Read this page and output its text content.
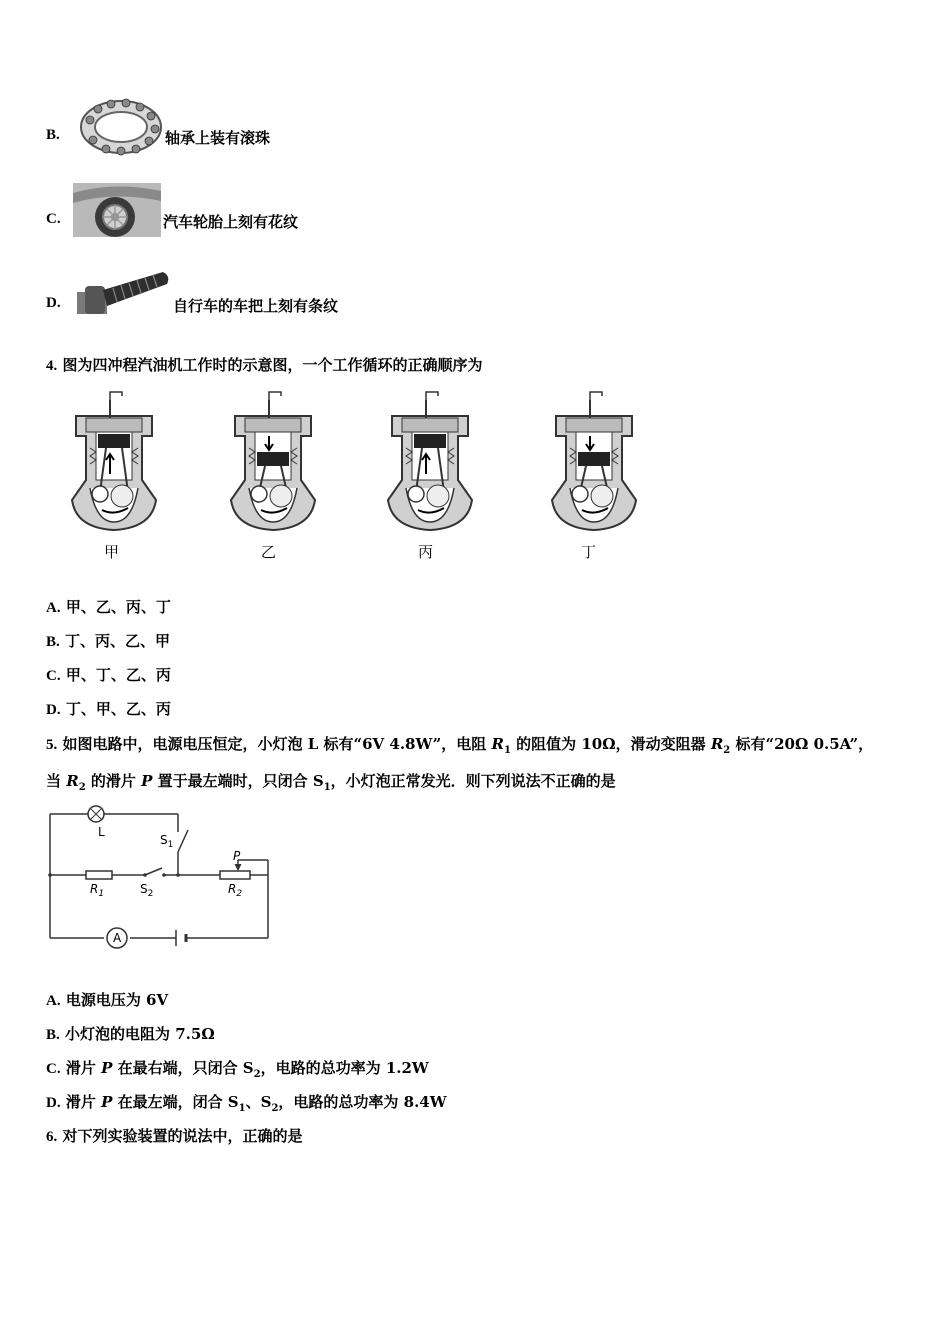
B.	轴承上装有滚珠
C.	汽车轮胎上刻有花纹
D.	自行车的车把上刻有条纹
4. 图为四冲程汽油机工作时的示意图，一个工作循环的正确顺序为
甲	乙	丙	丁
A. 甲、乙、丙、丁
B. 丁、丙、乙、甲
C. 甲、丁、乙、丙
D. 丁、甲、乙、丙
5. 如图电路中，电源电压恒定，小灯泡 L 标有“6V 4.8W”，电阻 $R_1$ 的阻值为 10Ω，滑动变阻器 $R_2$ 标有“20Ω 0.5A”，
当 $R_2$ 的滑片 P 置于最左端时，只闭合 $S_1$，小灯泡正常发光．则下列说法不正确的是
L
$S_1$
$R_1$	$S_2$	$R_2$
P
A
A. 电源电压为 6V
B. 小灯泡的电阻为 7.5Ω
C. 滑片 P 在最右端，只闭合 $S_2$，电路的总功率为 1.2W
D. 滑片 P 在最左端，闭合 $S_1$、$S_2$，电路的总功率为 8.4W
6. 对下列实验装置的说法中，正确的是
